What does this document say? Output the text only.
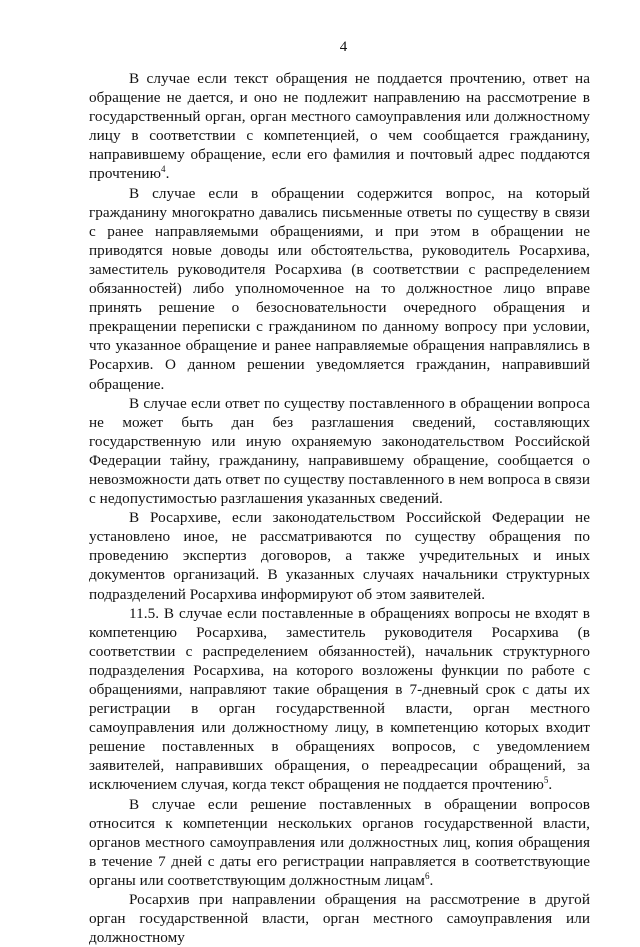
4

В случае если текст обращения не поддается прочтению, ответ на обращение не дается, и оно не подлежит направлению на рассмотрение в государственный орган, орган местного самоуправления или должностному лицу в соответствии с компетенцией, о чем сообщается гражданину, направившему обращение, если его фамилия и почтовый адрес поддаются прочтению$^4$.

В случае если в обращении содержится вопрос, на который гражданину многократно давались письменные ответы по существу в связи с ранее направляемыми обращениями, и при этом в обращении не приводятся новые доводы или обстоятельства, руководитель Росархива, заместитель руководителя Росархива (в соответствии с распределением обязанностей) либо уполномоченное на то должностное лицо вправе принять решение о безосновательности очередного обращения и прекращении переписки с гражданином по данному вопросу при условии, что указанное обращение и ранее направляемые обращения направлялись в Росархив. О данном решении уведомляется гражданин, направивший обращение.

В случае если ответ по существу поставленного в обращении вопроса не может быть дан без разглашения сведений, составляющих государственную или иную охраняемую законодательством Российской Федерации тайну, гражданину, направившему обращение, сообщается о невозможности дать ответ по существу поставленного в нем вопроса в связи с недопустимостью разглашения указанных сведений.

В Росархиве, если законодательством Российской Федерации не установлено иное, не рассматриваются по существу обращения по проведению экспертиз договоров, а также учредительных и иных документов организаций. В указанных случаях начальники структурных подразделений Росархива информируют об этом заявителей.

11.5. В случае если поставленные в обращениях вопросы не входят в компетенцию Росархива, заместитель руководителя Росархива (в соответствии с распределением обязанностей), начальник структурного подразделения Росархива, на которого возложены функции по работе с обращениями, направляют такие обращения в 7-дневный срок с даты их регистрации в орган государственной власти, орган местного самоуправления или должностному лицу, в компетенцию которых входит решение поставленных в обращениях вопросов, с уведомлением заявителей, направивших обращения, о переадресации обращений, за исключением случая, когда текст обращения не поддается прочтению$^5$.

В случае если решение поставленных в обращении вопросов относится к компетенции нескольких органов государственной власти, органов местного самоуправления или должностных лиц, копия обращения в течение 7 дней с даты его регистрации направляется в соответствующие органы или соответствующим должностным лицам$^6$.

Росархив при направлении обращения на рассмотрение в другой орган государственной власти, орган местного самоуправления или должностному
